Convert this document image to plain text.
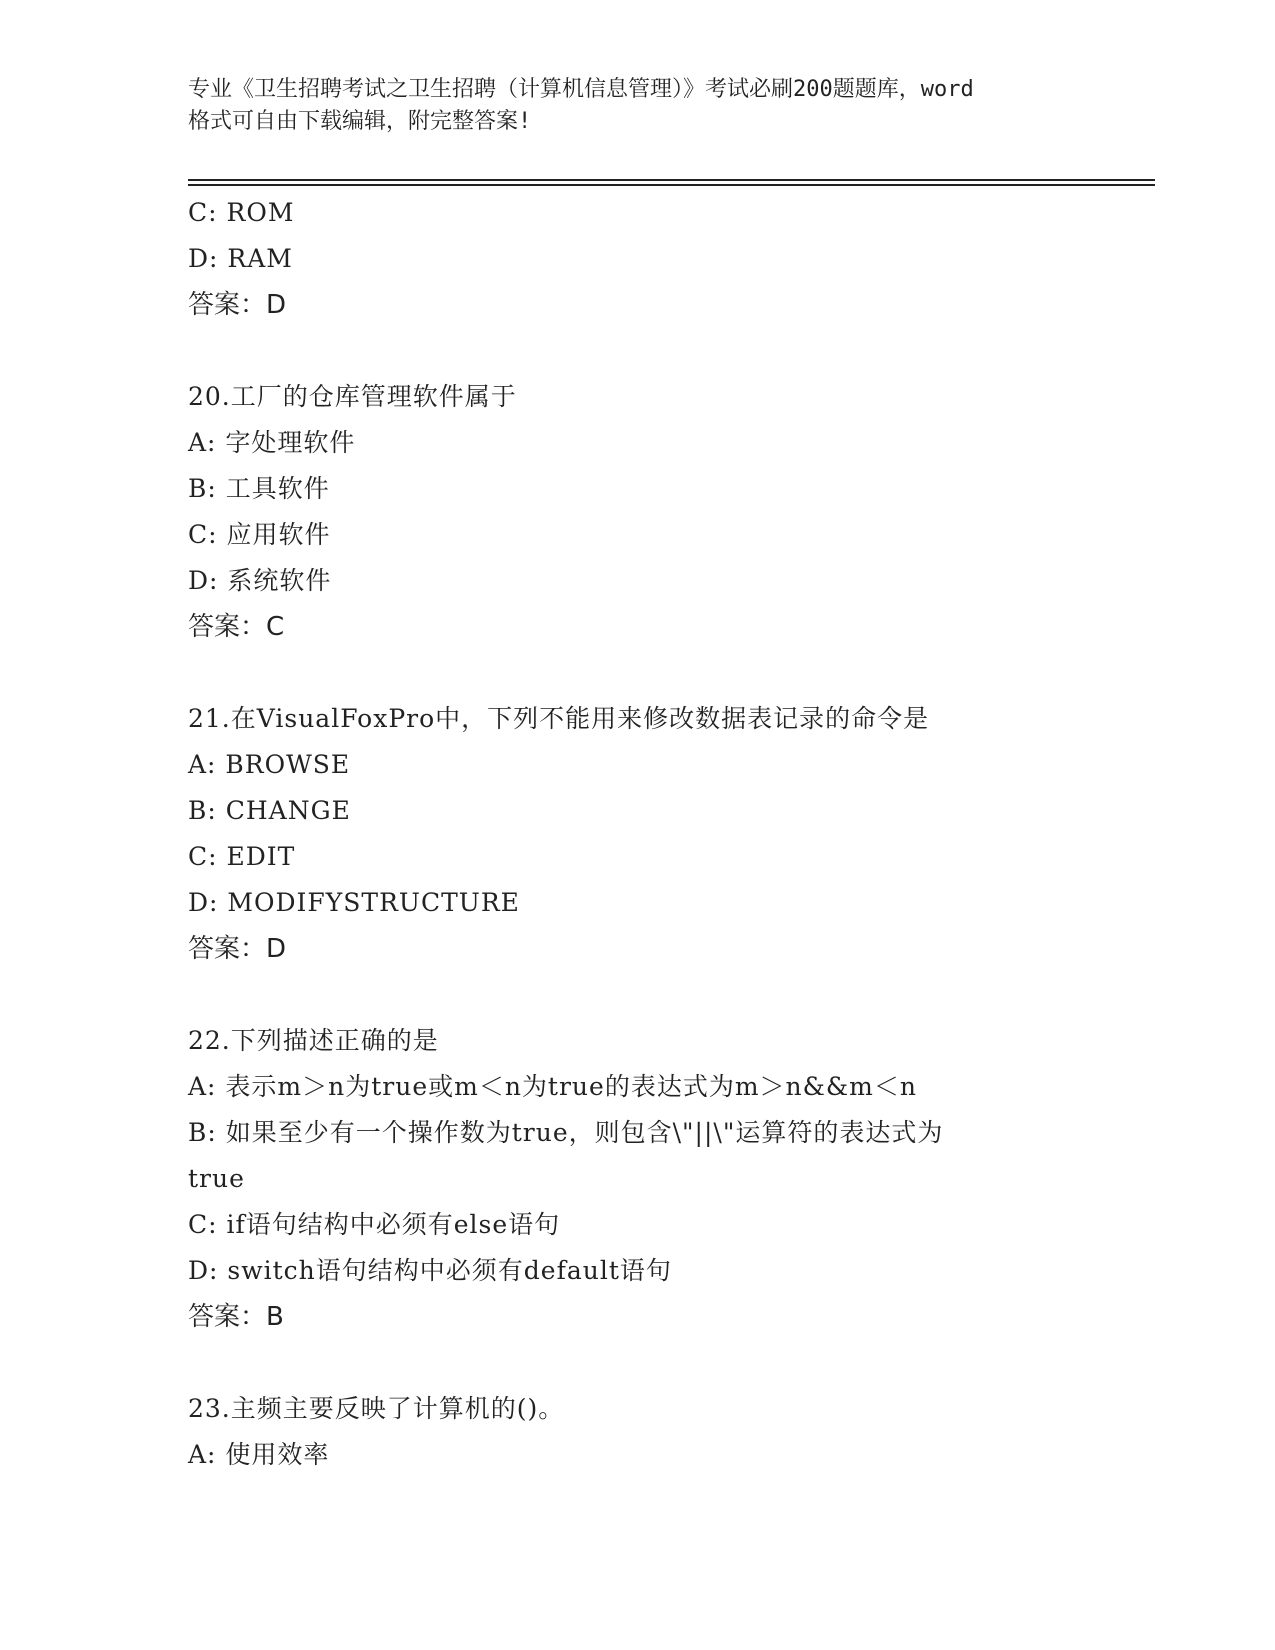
专业《卫生招聘考试之卫生招聘（计算机信息管理）》考试必刷200题题库，word
格式可自由下载编辑，附完整答案!
C: ROM
D: RAM
答案：D
20.工厂的仓库管理软件属于
A: 字处理软件
B: 工具软件
C: 应用软件
D: 系统软件
答案：C
21.在VisualFoxPro中，下列不能用来修改数据表记录的命令是
A: BROWSE
B: CHANGE
C: EDIT
D: MODIFYSTRUCTURE
答案：D
22.下列描述正确的是
A: 表示m＞n为true或m＜n为true的表达式为m＞n&&m＜n
B: 如果至少有一个操作数为true，则包含\"||\"运算符的表达式为
true
C: if语句结构中必须有else语句
D: switch语句结构中必须有default语句
答案：B
23.主频主要反映了计算机的()。
A: 使用效率
